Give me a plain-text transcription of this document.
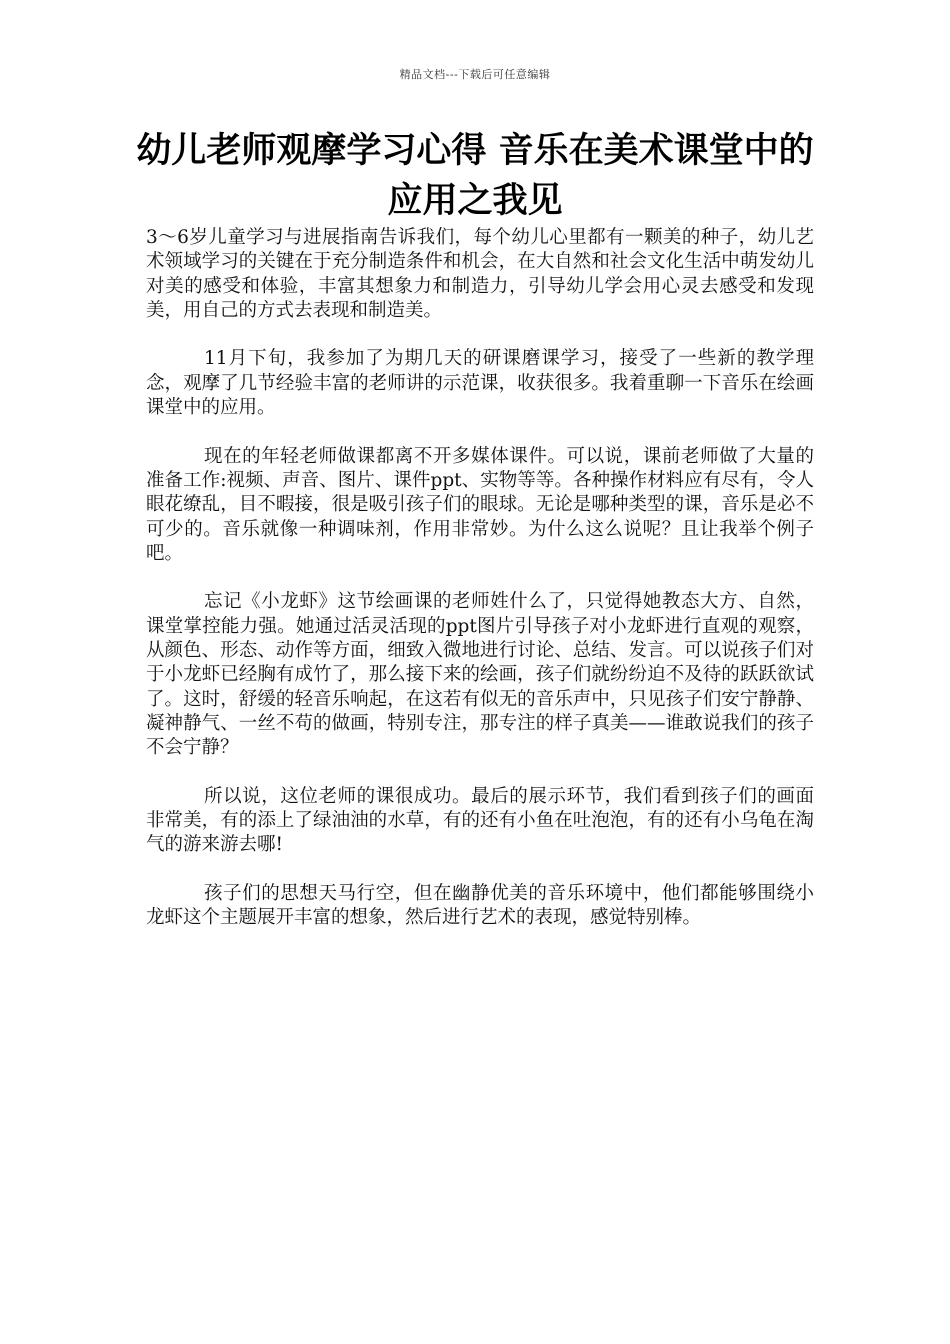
精品文档---下载后可任意编辑
幼儿老师观摩学习心得 音乐在美术课堂中的应用之我见

3～6岁儿童学习与进展指南告诉我们，每个幼儿心里都有一颗美的种子，幼儿艺术领域学习的关键在于充分制造条件和机会，在大自然和社会文化生活中萌发幼儿对美的感受和体验，丰富其想象力和制造力，引导幼儿学会用心灵去感受和发现美，用自己的方式去表现和制造美。

11月下旬，我参加了为期几天的研课磨课学习，接受了一些新的教学理念，观摩了几节经验丰富的老师讲的示范课，收获很多。我着重聊一下音乐在绘画课堂中的应用。

现在的年轻老师做课都离不开多媒体课件。可以说，课前老师做了大量的准备工作:视频、声音、图片、课件ppt、实物等等。各种操作材料应有尽有，令人眼花缭乱，目不暇接，很是吸引孩子们的眼球。无论是哪种类型的课，音乐是必不可少的。音乐就像一种调味剂，作用非常妙。为什么这么说呢？且让我举个例子吧。

忘记《小龙虾》这节绘画课的老师姓什么了，只觉得她教态大方、自然，课堂掌控能力强。她通过活灵活现的ppt图片引导孩子对小龙虾进行直观的观察，从颜色、形态、动作等方面，细致入微地进行讨论、总结、发言。可以说孩子们对于小龙虾已经胸有成竹了，那么接下来的绘画，孩子们就纷纷迫不及待的跃跃欲试了。这时，舒缓的轻音乐响起，在这若有似无的音乐声中，只见孩子们安宁静静、凝神静气、一丝不苟的做画，特别专注，那专注的样子真美——谁敢说我们的孩子不会宁静？

所以说，这位老师的课很成功。最后的展示环节，我们看到孩子们的画面非常美，有的添上了绿油油的水草，有的还有小鱼在吐泡泡，有的还有小乌龟在淘气的游来游去哪!

孩子们的思想天马行空，但在幽静优美的音乐环境中，他们都能够围绕小龙虾这个主题展开丰富的想象，然后进行艺术的表现，感觉特别棒。
